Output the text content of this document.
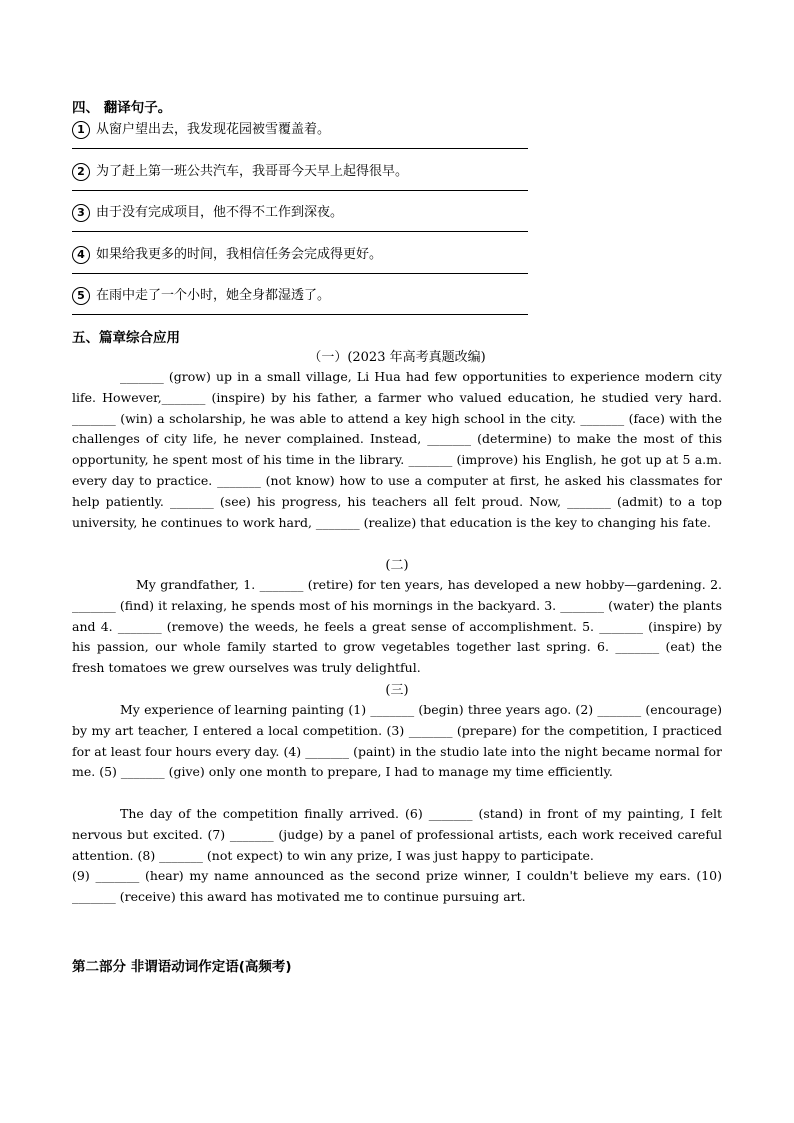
四、 翻译句子。
1 从窗户望出去，我发现花园被雪覆盖着。
2 为了赶上第一班公共汽车，我哥哥今天早上起得很早。
3 由于没有完成项目，他不得不工作到深夜。
4 如果给我更多的时间，我相信任务会完成得更好。
5 在雨中走了一个小时，她全身都湿透了。
五、篇章综合应用
（一）(2023 年高考真题改编)
_______ (grow) up in a small village, Li Hua had few opportunities to experience modern city life. However,_______ (inspire) by his father, a farmer who valued education, he studied very hard. _______ (win) a scholarship, he was able to attend a key high school in the city. _______ (face) with the challenges of city life, he never complained. Instead, _______ (determine) to make the most of this opportunity, he spent most of his time in the library. _______ (improve) his English, he got up at 5 a.m. every day to practice. _______ (not know) how to use a computer at first, he asked his classmates for help patiently. _______ (see) his progress, his teachers all felt proud. Now, _______ (admit) to a top university, he continues to work hard, _______ (realize) that education is the key to changing his fate.
(二)
My grandfather, 1. _______ (retire) for ten years, has developed a new hobby—gardening. 2. _______ (find) it relaxing, he spends most of his mornings in the backyard. 3. _______ (water) the plants and 4. _______ (remove) the weeds, he feels a great sense of accomplishment. 5. _______ (inspire) by his passion, our whole family started to grow vegetables together last spring. 6. _______ (eat) the fresh tomatoes we grew ourselves was truly delightful.
(三)
My experience of learning painting (1) _______ (begin) three years ago. (2) _______ (encourage) by my art teacher, I entered a local competition. (3) _______ (prepare) for the competition, I practiced for at least four hours every day. (4) _______ (paint) in the studio late into the night became normal for me. (5) _______ (give) only one month to prepare, I had to manage my time efficiently.
The day of the competition finally arrived. (6) _______ (stand) in front of my painting, I felt nervous but excited. (7) _______ (judge) by a panel of professional artists, each work received careful attention. (8) _______ (not expect) to win any prize, I was just happy to participate.
(9) _______ (hear) my name announced as the second prize winner, I couldn't believe my ears. (10) _______ (receive) this award has motivated me to continue pursuing art.
第二部分 非谓语动词作定语(高频考)
